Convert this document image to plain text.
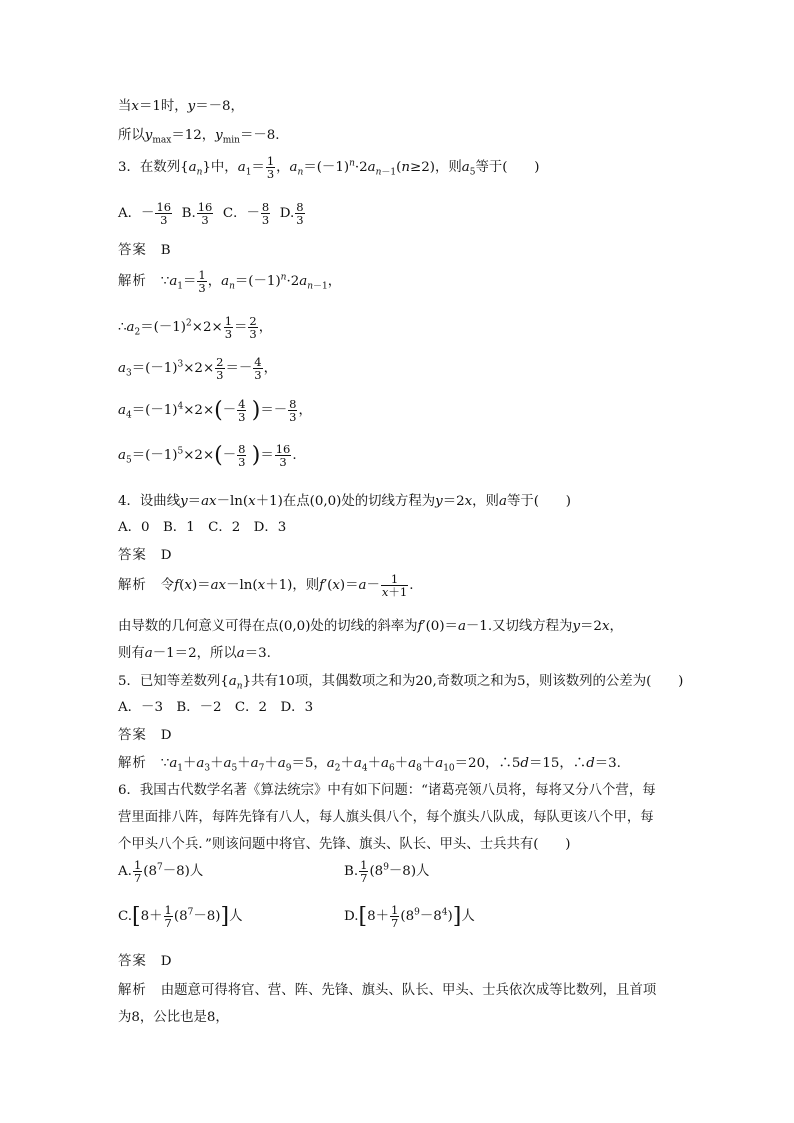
当x＝1时，y＝－8，
所以$y_{max}=12$，$y_{min}=-8$.
3．在数列$\{a_n\}$中，$a_1= \frac{1}{3}$ ，$a_n=(-1)^n\cdot 2a_{n-1}(n\ge 2)$，则$a_5$等于(　　)
A．－ $\frac{16}{3} B$. $\frac{16}{3}$ C．－ $\frac{8}{3} D$. $\frac{8}{3}$
答案 B
解析 $\because a_1= \frac{1}{3}$ ，$a_n=(-1)^n\cdot 2a_{n-1}$，
$\therefore a_2=(-1)^2\times 2\times \frac{1}{3} = \frac{2}{3}$ ，
$a_3=(-1)^3\times 2\times \frac{2}{3} =- \frac{4}{3}$ ，
$a_4=(-1)^4\times 2\times(- \frac{4}{3}$ )＝－ $\frac{8}{3}$ ，
$a_5=(-1)^5\times 2\times(- \frac{8}{3}$ )＝ $\frac{16}{3}$ .
4．设曲线y＝ax－ln(x＋1)在点(0,0)处的切线方程为y＝2x，则a等于(　　)
A．0　B．1　C．2　D．3
答案 D
解析 令f(x)＝ax－ln(x＋1)，则$f'(x)=a- \frac{1}{x+1}$ .
由导数的几何意义可得在点(0,0)处的切线的斜率为f′(0)＝a－1.又切线方程为y＝2x，
则有a－1＝2，所以a＝3.
5．已知等差数列$\{a_n\}$共有10项，其偶数项之和为20,奇数项之和为5，则该数列的公差为(　　)
A．－3　B．－2　C．2　D．3
答案 D
解析 $\because a_1+a_3+a_5+a_7+a_9=5$，$a_2+a_4+a_6+a_8+a_{10}=20$，∴5d＝15，∴d＝3.
6．我国古代数学名著《算法统宗》中有如下问题：“诸葛亮领八员将，每将又分八个营，每
营里面排八阵，每阵先锋有八人，每人旗头俱八个，每个旗头八队成，每队更该八个甲，每
个甲头八个兵．”则该问题中将官、先锋、旗头、队长、甲头、士兵共有(　　)
A. $\frac{1}{7} (8^7-8)$人	B. $\frac{1}{7} (8^9-8)$人
$C.[8+ \frac{1}{7} (8^7-8)]$人	$D.[8+ \frac{1}{7} (8^9-8^4)]$人
答案 D
解析 由题意可得将官、营、阵、先锋、旗头、队长、甲头、士兵依次成等比数列，且首项
为8，公比也是8，
